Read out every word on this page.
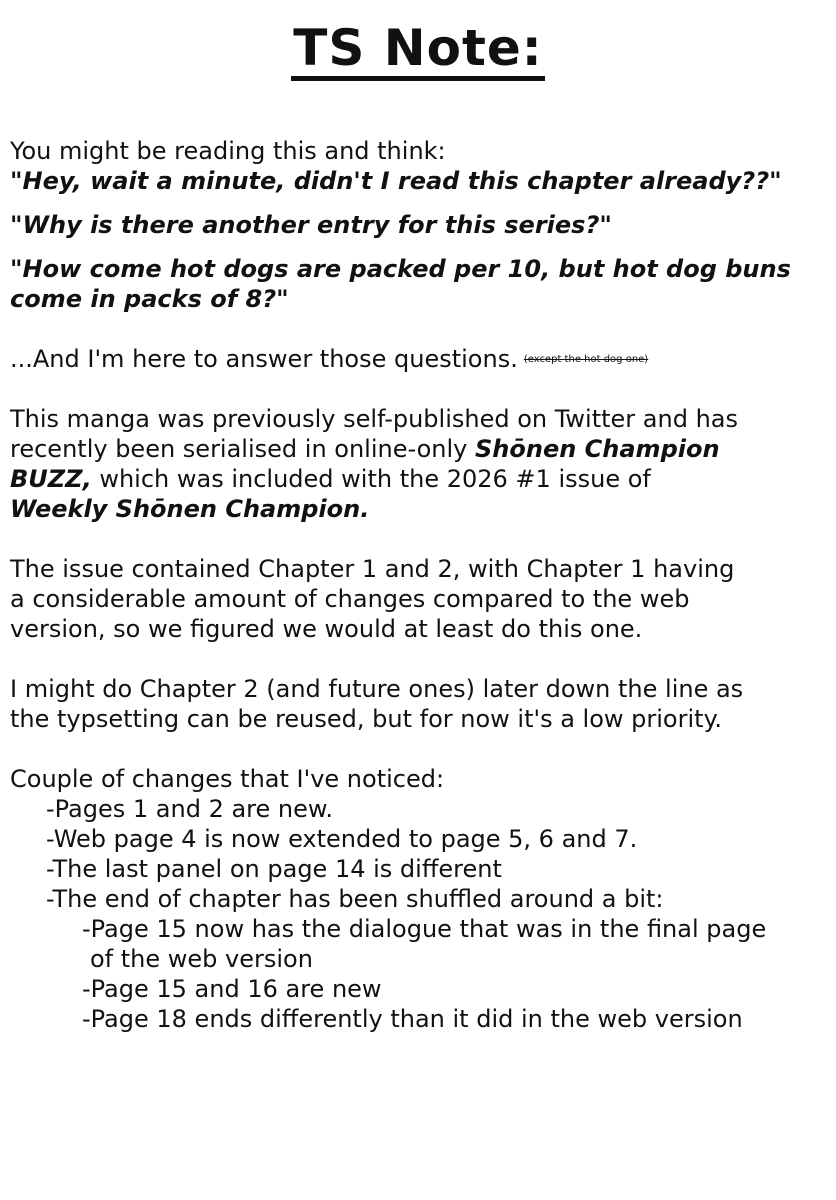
TS Note:
You might be reading this and think:
"Hey, wait a minute, didn't I read this chapter already??"
"Why is there another entry for this series?"
"How come hot dogs are packed per 10, but hot dog buns
come in packs of 8?"
...And I'm here to answer those questions. (except the hot dog one)
This manga was previously self-published on Twitter and has
recently been serialised in online-only Shōnen Champion
BUZZ, which was included with the 2026 #1 issue of
Weekly Shōnen Champion.
The issue contained Chapter 1 and 2, with Chapter 1 having
a considerable amount of changes compared to the web
version, so we figured we would at least do this one.
I might do Chapter 2 (and future ones) later down the line as
the typsetting can be reused, but for now it's a low priority.
Couple of changes that I've noticed:
-Pages 1 and 2 are new.
-Web page 4 is now extended to page 5, 6 and 7.
-The last panel on page 14 is different
-The end of chapter has been shuffled around a bit:
-Page 15 now has the dialogue that was in the final page
of the web version
-Page 15 and 16 are new
-Page 18 ends differently than it did in the web version
